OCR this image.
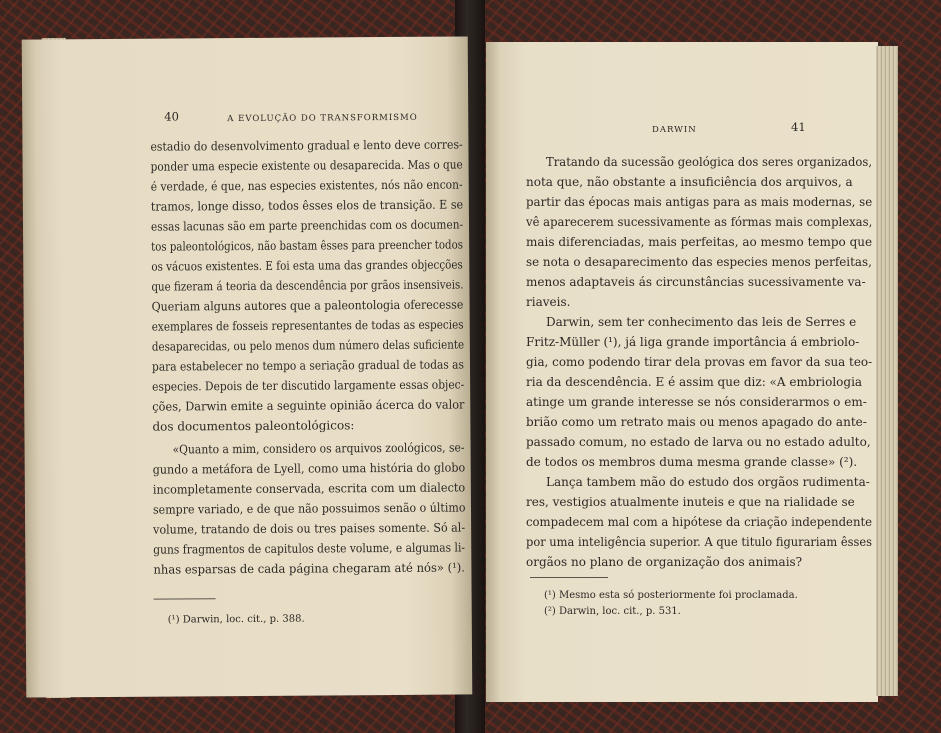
40	A EVOLUÇÃO DO TRANSFORMISMO
estadio do desenvolvimento gradual e lento deve corres-
ponder uma especie existente ou desaparecida. Mas o que
é verdade, é que, nas especies existentes, nós não encon-
tramos, longe disso, todos êsses elos de transição. E se
essas lacunas são em parte preenchidas com os documen-
tos paleontológicos, não bastam êsses para preencher todos
os vácuos existentes. E foi esta uma das grandes objecções
que fizeram á teoria da descendência por grãos insensiveis.
Queriam alguns autores que a paleontologia oferecesse
exemplares de fosseis representantes de todas as especies
desaparecidas, ou pelo menos dum número delas suficiente
para estabelecer no tempo a seriação gradual de todas as
especies. Depois de ter discutido largamente essas objec-
ções, Darwin emite a seguinte opinião ácerca do valor
dos documentos paleontológicos:
«Quanto a mim, considero os arquivos zoológicos, se-
gundo a metáfora de Lyell, como uma história do globo
incompletamente conservada, escrita com um dialecto
sempre variado, e de que não possuimos senão o último
volume, tratando de dois ou tres paises somente. Só al-
guns fragmentos de capitulos deste volume, e algumas li-
nhas esparsas de cada página chegaram até nós» (¹).
(¹) Darwin, loc. cit., p. 388.
DARWIN	41
Tratando da sucessão geológica dos seres organizados,
nota que, não obstante a insuficiência dos arquivos, a
partir das épocas mais antigas para as mais modernas, se
vê aparecerem sucessivamente as fórmas mais complexas,
mais diferenciadas, mais perfeitas, ao mesmo tempo que
se nota o desaparecimento das especies menos perfeitas,
menos adaptaveis ás circunstâncias sucessivamente va-
riaveis.
Darwin, sem ter conhecimento das leis de Serres e
Fritz-Müller (¹), já liga grande importância á embriolo-
gia, como podendo tirar dela provas em favor da sua teo-
ria da descendência. E é assim que diz: «A embriologia
atinge um grande interesse se nós considerarmos o em-
brião como um retrato mais ou menos apagado do ante-
passado comum, no estado de larva ou no estado adulto,
de todos os membros duma mesma grande classe» (²).
Lança tambem mão do estudo dos orgãos rudimenta-
res, vestigios atualmente inuteis e que na rialidade se
compadecem mal com a hipótese da criação independente
por uma inteligência superior. A que titulo figurariam êsses
orgãos no plano de organização dos animais?
(¹) Mesmo esta só posteriormente foi proclamada.
(²) Darwin, loc. cit., p. 531.
